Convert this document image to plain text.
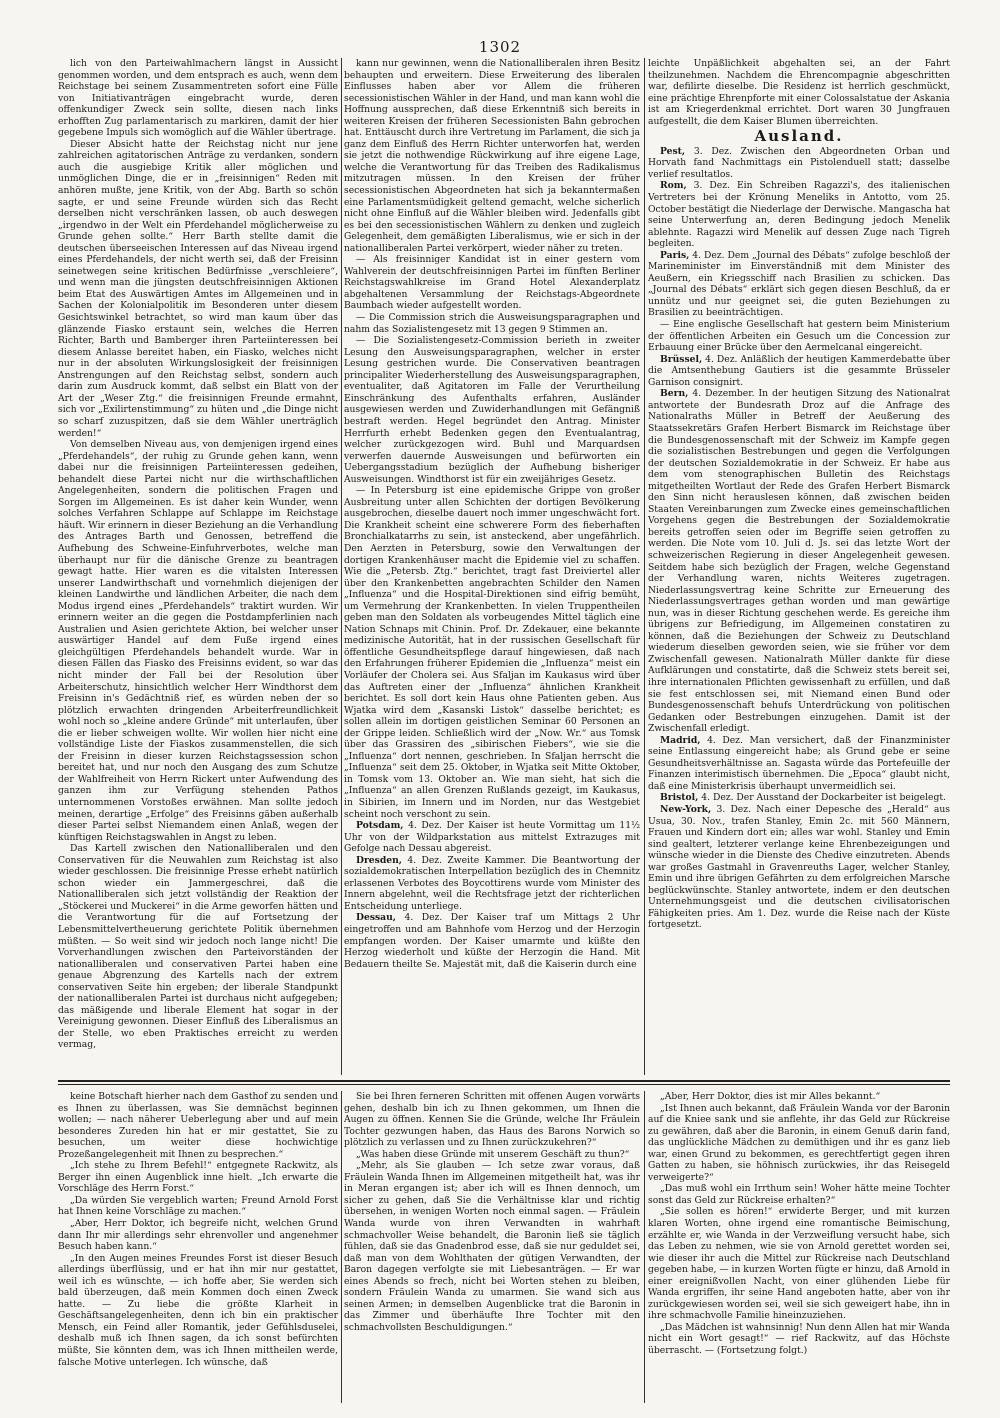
1302

lich von den Parteiwahlmachern längst in Aussicht genommen worden, und dem entsprach es auch, wenn dem Reichstage bei seinem Zusammentreten sofort eine Fülle von Initiativanträgen eingebracht wurde, deren offenkundiger Zweck sein sollte, diesen nach links erhofften Zug parlamentarisch zu markiren, damit der hier gegebene Impuls sich womöglich auf die Wähler übertrage.

Dieser Absicht hatte der Reichstag nicht nur jene zahlreichen agitatorischen Anträge zu verdanken, sondern auch die ausgiebige Kritik aller möglichen und unmöglichen Dinge, die er in „freisinnigen“ Reden mit anhören mußte, jene Kritik, von der Abg. Barth so schön sagte, er und seine Freunde würden sich das Recht derselben nicht verschränken lassen, ob auch deswegen „irgendwo in der Welt ein Pferdehandel möglicherweise zu Grunde gehen sollte.“ Herr Barth stellte damit die deutschen überseeischen Interessen auf das Niveau irgend eines Pferdehandels, der nicht werth sei, daß der Freisinn seinetwegen seine kritischen Bedürfnisse „verschleiere“, und wenn man die jüngsten deutschfreisinnigen Aktionen beim Etat des Auswärtigen Amtes im Allgemeinen und in Sachen der Kolonialpolitik im Besonderen unter diesem Gesichtswinkel betrachtet, so wird man kaum über das glänzende Fiasko erstaunt sein, welches die Herren Richter, Barth und Bamberger ihren Parteiinteressen bei diesem Anlasse bereitet haben, ein Fiasko, welches nicht nur in der absoluten Wirkungslosigkeit der freisinnigen Anstrengungen auf den Reichstag selbst, sondern auch darin zum Ausdruck kommt, daß selbst ein Blatt von der Art der „Weser Ztg.“ die freisinnigen Freunde ermahnt, sich vor „Exilirtenstimmung“ zu hüten und „die Dinge nicht so scharf zuzuspitzen, daß sie dem Wähler unerträglich werden!“

Von demselben Niveau aus, von demjenigen irgend eines „Pferdehandels“, der ruhig zu Grunde gehen kann, wenn dabei nur die freisinnigen Parteiinteressen gedeihen, behandelt diese Partei nicht nur die wirthschaftlichen Angelegenheiten, sondern die politischen Fragen und Sorgen im Allgemeinen. Es ist daher kein Wunder, wenn solches Verfahren Schlappe auf Schlappe im Reichstage häuft. Wir erinnern in dieser Beziehung an die Verhandlung des Antrages Barth und Genossen, betreffend die Aufhebung des Schweine-Einfuhrverbotes, welche man überhaupt nur für die dänische Grenze zu beantragen gewagt hatte. Hier waren es die vitalsten Interessen unserer Landwirthschaft und vornehmlich diejenigen der kleinen Landwirthe und ländlichen Arbeiter, die nach dem Modus irgend eines „Pferdehandels“ traktirt wurden. Wir erinnern weiter an die gegen die Postdampferlinien nach Australien und Asien gerichtete Aktion, bei welcher unser auswärtiger Handel auf dem Fuße irgend eines gleichgültigen Pferdehandels behandelt wurde. War in diesen Fällen das Fiasko des Freisinns evident, so war das nicht minder der Fall bei der Resolution über Arbeiterschutz, hinsichtlich welcher Herr Windthorst dem Freisinn in's Gedächtniß rief, es würden neben der so plötzlich erwachten dringenden Arbeiterfreundlichkeit wohl noch so „kleine andere Gründe“ mit unterlaufen, über die er lieber schweigen wollte. Wir wollen hier nicht eine vollständige Liste der Fiaskos zusammenstellen, die sich der Freisinn in dieser kurzen Reichstagssession schon bereitet hat, und nur noch den Ausgang des zum Schutze der Wahlfreiheit von Herrn Rickert unter Aufwendung des ganzen ihm zur Verfügung stehenden Pathos unternommenen Vorstoßes erwähnen. Man sollte jedoch meinen, derartige „Erfolge“ des Freisinns gäben außerhalb dieser Partei selbst Niemandem einen Anlaß, wegen der künftigen Reichstagswahlen in Angst zu leben.

Das Kartell zwischen den Nationalliberalen und den Conservativen für die Neuwahlen zum Reichstag ist also wieder geschlossen. Die freisinnige Presse erhebt natürlich schon wieder ein Jammergeschrei, daß die Nationalliberalen sich jetzt vollständig der Reaktion der „Stöckerei und Muckerei“ in die Arme geworfen hätten und die Verantwortung für die auf Fortsetzung der Lebensmittelvertheuerung gerichtete Politik übernehmen müßten. — So weit sind wir jedoch noch lange nicht! Die Vorverhandlungen zwischen den Parteivorständen der nationalliberalen und conservativen Partei haben eine genaue Abgrenzung des Kartells nach der extrem conservativen Seite hin ergeben; der liberale Standpunkt der nationalliberalen Partei ist durchaus nicht aufgegeben; das mäßigende und liberale Element hat sogar in der Vereinigung gewonnen. Dieser Einfluß des Liberalismus an der Stelle, wo eben Praktisches erreicht zu werden vermag,

kann nur gewinnen, wenn die Nationalliberalen ihren Besitz behaupten und erweitern. Diese Erweiterung des liberalen Einflusses haben aber vor Allem die früheren secessionistischen Wähler in der Hand, und man kann wohl die Hoffnung aussprechen, daß diese Erkenntniß sich bereits in weiteren Kreisen der früheren Secessionisten Bahn gebrochen hat. Enttäuscht durch ihre Vertretung im Parlament, die sich ja ganz dem Einfluß des Herrn Richter unterworfen hat, werden sie jetzt die nothwendige Rückwirkung auf ihre eigene Lage, welche die Verantwortung für das Treiben des Radikalismus mitzutragen müssen. In den Kreisen der früher secessionistischen Abgeordneten hat sich ja bekanntermaßen eine Parlamentsmüdigkeit geltend gemacht, welche sicherlich nicht ohne Einfluß auf die Wähler bleiben wird. Jedenfalls gibt es bei den secessionistischen Wählern zu denken und zugleich Gelegenheit, dem gemäßigten Liberalismus, wie er sich in der nationalliberalen Partei verkörpert, wieder näher zu treten.

— Als freisinniger Kandidat ist in einer gestern vom Wahlverein der deutschfreisinnigen Partei im fünften Berliner Reichstagswahlkreise im Grand Hotel Alexanderplatz abgehaltenen Versammlung der Reichstags-Abgeordnete Baumbach wieder aufgestellt worden.

— Die Commission strich die Ausweisungsparagraphen und nahm das Sozialistengesetz mit 13 gegen 9 Stimmen an.

— Die Sozialistengesetz-Commission berieth in zweiter Lesung den Ausweisungsparagraphen, welcher in erster Lesung gestrichen wurde. Die Conservativen beantragen principaliter Wiederherstellung des Ausweisungsparagraphen, eventualiter, daß Agitatoren im Falle der Verurtheilung Einschränkung des Aufenthalts erfahren, Ausländer ausgewiesen werden und Zuwiderhandlungen mit Gefängniß bestraft werden. Hegel begründet den Antrag. Minister Herrfurth erhebt Bedenken gegen den Eventualantrag, welcher zurückgezogen wird. Buhl und Marquardsen verwerfen dauernde Ausweisungen und befürworten ein Uebergangsstadium bezüglich der Aufhebung bisheriger Ausweisungen. Windthorst ist für ein zweijähriges Gesetz.

— In Petersburg ist eine epidemische Grippe von großer Ausbreitung unter allen Schichten der dortigen Bevölkerung ausgebrochen, dieselbe dauert noch immer ungeschwächt fort. Die Krankheit scheint eine schwerere Form des fieberhaften Bronchialkatarrhs zu sein, ist ansteckend, aber ungefährlich. Den Aerzten in Petersburg, sowie den Verwaltungen der dortigen Krankenhäuser macht die Epidemie viel zu schaffen. Wie die „Petersb. Ztg.“ berichtet, tragt fast Dreiviertel aller über den Krankenbetten angebrachten Schilder den Namen „Influenza“ und die Hospital-Direktionen sind eifrig bemüht, um Vermehrung der Krankenbetten. In vielen Truppentheilen geben man den Soldaten als vorbeugendes Mittel täglich eine Nation Schnaps mit Chinin. Prof. Dr. Zdekauer, eine bekannte medizinische Autorität, hat in der russischen Gesellschaft für öffentliche Gesundheitspflege darauf hingewiesen, daß nach den Erfahrungen früherer Epidemien die „Influenza“ meist ein Vorläufer der Cholera sei. Aus Sfaljan im Kaukasus wird über das Auftreten einer der „Influenza“ ähnlichen Krankheit berichtet. Es soll dort kein Haus ohne Patienten geben. Aus Wjatka wird dem „Kasanski Listok“ dasselbe berichtet; es sollen allein im dortigen geistlichen Seminar 60 Personen an der Grippe leiden. Schließlich wird der „Now. Wr.“ aus Tomsk über das Grassiren des „sibirischen Fiebers“, wie sie die „Influenza“ dort nennen, geschrieben. In Sfaljan herrscht die „Influenza“ seit dem 25. Oktober, in Wjatka seit Mitte Oktober, in Tomsk vom 13. Oktober an. Wie man sieht, hat sich die „Influenza“ an allen Grenzen Rußlands gezeigt, im Kaukasus, in Sibirien, im Innern und im Norden, nur das Westgebiet scheint noch verschont zu sein.

Potsdam, 4. Dez. Der Kaiser ist heute Vormittag um 11½ Uhr von der Wildparkstation aus mittelst Extrazuges mit Gefolge nach Dessau abgereist.

Dresden, 4. Dez. Zweite Kammer. Die Beantwortung der sozialdemokratischen Interpellation bezüglich des in Chemnitz erlassenen Verbotes des Boycottirens wurde vom Minister des Innern abgelehnt, weil die Rechtsfrage jetzt der richterlichen Entscheidung unterliege.

Dessau, 4. Dez. Der Kaiser traf um Mittags 2 Uhr eingetroffen und am Bahnhofe vom Herzog und der Herzogin empfangen worden. Der Kaiser umarmte und küßte den Herzog wiederholt und küßte der Herzogin die Hand. Mit Bedauern theilte Se. Majestät mit, daß die Kaiserin durch eine

leichte Unpäßlichkeit abgehalten sei, an der Fahrt theilzunehmen. Nachdem die Ehrencompagnie abgeschritten war, defilirte dieselbe. Die Residenz ist herrlich geschmückt, eine prächtige Ehrenpforte mit einer Colossalstatue der Askania ist am Kriegerdenkmal errichtet. Dort waren 30 Jungfrauen aufgestellt, die dem Kaiser Blumen überreichten.

Ausland.

Pest, 3. Dez. Zwischen den Abgeordneten Orban und Horvath fand Nachmittags ein Pistolenduell statt; dasselbe verlief resultatlos.

Rom, 3. Dez. Ein Schreiben Ragazzi's, des italienischen Vertreters bei der Krönung Meneliks in Antotto, vom 25. October bestätigt die Niederlage der Derwische. Mangascha hat seine Unterwerfung an, deren Bedingung jedoch Menelik ablehnte. Ragazzi wird Menelik auf dessen Zuge nach Tigreh begleiten.

Paris, 4. Dez. Dem „Journal des Débats“ zufolge beschloß der Marineminister im Einverständniß mit dem Minister des Aeußern, ein Kriegsschiff nach Brasilien zu schicken. Das „Journal des Débats“ erklärt sich gegen diesen Beschluß, da er unnütz und nur geeignet sei, die guten Beziehungen zu Brasilien zu beeinträchtigen.

— Eine englische Gesellschaft hat gestern beim Ministerium der öffentlichen Arbeiten ein Gesuch um die Concession zur Erbauung einer Brücke über den Aermelcanal eingereicht.

Brüssel, 4. Dez. Anläßlich der heutigen Kammerdebatte über die Amtsenthebung Gautiers ist die gesammte Brüsseler Garnison consignirt.

Bern, 4. Dezember. In der heutigen Sitzung des Nationalrat antwortete der Bundesrath Droz auf die Anfrage des Nationalraths Müller in Betreff der Aeußerung des Staatssekretärs Grafen Herbert Bismarck im Reichstage über die Bundesgenossenschaft mit der Schweiz im Kampfe gegen die sozialistischen Bestrebungen und gegen die Verfolgungen der deutschen Sozialdemokratie in der Schweiz. Er habe aus dem vom stenographischen Bulletin des Reichstags mitgetheilten Wortlaut der Rede des Grafen Herbert Bismarck den Sinn nicht herauslesen können, daß zwischen beiden Staaten Vereinbarungen zum Zwecke eines gemeinschaftlichen Vorgehens gegen die Bestrebungen der Sozialdemokratie bereits getroffen seien oder im Begriffe seien getroffen zu werden. Die Note vom 10. Juli d. Js. sei das letzte Wort der schweizerischen Regierung in dieser Angelegenheit gewesen. Seitdem habe sich bezüglich der Fragen, welche Gegenstand der Verhandlung waren, nichts Weiteres zugetragen. Niederlassungsvertrag keine Schritte zur Erneuerung des Niederlassungsvertrages gethan worden und man gewärtige nun, was in dieser Richtung geschehen werde. Es gereiche ihm übrigens zur Befriedigung, im Allgemeinen constatiren zu können, daß die Beziehungen der Schweiz zu Deutschland wiederum dieselben geworden seien, wie sie früher vor dem Zwischenfall gewesen. Nationalrath Müller dankte für diese Aufklärungen und constatirte, daß die Schweiz stets bereit sei, ihre internationalen Pflichten gewissenhaft zu erfüllen, und daß sie fest entschlossen sei, mit Niemand einen Bund oder Bundesgenossenschaft behufs Unterdrückung von politischen Gedanken oder Bestrebungen einzugehen. Damit ist der Zwischenfall erledigt.

Madrid, 4. Dez. Man versichert, daß der Finanzminister seine Entlassung eingereicht habe; als Grund gebe er seine Gesundheitsverhältnisse an. Sagasta würde das Portefeuille der Finanzen interimistisch übernehmen. Die „Epoca“ glaubt nicht, daß eine Ministerkrisis überhaupt unvermeidlich sei.

Bristol, 4. Dez. Der Ausstand der Dockarbeiter ist beigelegt.

New-York, 3. Dez. Nach einer Depesche des „Herald“ aus Usua, 30. Nov., trafen Stanley, Emin 2c. mit 560 Männern, Frauen und Kindern dort ein; alles war wohl. Stanley und Emin sind gealtert, letzterer verlange keine Ehrenbezeigungen und wünsche wieder in die Dienste des Chedive einzutreten. Abends war großes Gastmahl in Gravenreuths Lager, welcher Stanley, Emin und ihre übrigen Gefährten zu dem erfolgreichen Marsche beglückwünschte. Stanley antwortete, indem er den deutschen Unternehmungsgeist und die deutschen civilisatorischen Fähigkeiten pries. Am 1. Dez. wurde die Reise nach der Küste fortgesetzt.

keine Botschaft hierher nach dem Gasthof zu senden und es Ihnen zu überlassen, was Sie demnächst beginnen wollen; — nach näherer Ueberlegung aber und auf mein besonderes Zureden hin hat er mir gestattet, Sie zu besuchen, um weiter diese hochwichtige Prozeßangelegenheit mit Ihnen zu besprechen.“

„Ich stehe zu Ihrem Befehl!“ entgegnete Rackwitz, als Berger ihn einen Augenblick inne hielt. „Ich erwarte die Vorschläge des Herrn Forst.“

„Da würden Sie vergeblich warten; Freund Arnold Forst hat Ihnen keine Vorschläge zu machen.“

„Aber, Herr Doktor, ich begreife nicht, welchen Grund dann Ihr mir allerdings sehr ehrenvoller und angenehmer Besuch haben kann.“

„In den Augen meines Freundes Forst ist dieser Besuch allerdings überflüssig, und er hat ihn mir nur gestattet, weil ich es wünschte, — ich hoffe aber, Sie werden sich bald überzeugen, daß mein Kommen doch einen Zweck hatte. — Zu liebe die größte Klarheit in Geschäftsangelegenheiten, denn ich bin ein praktischer Mensch, ein Feind aller Romantik, jeder Gefühlsduselei, deshalb muß ich Ihnen sagen, da ich sonst befürchten müßte, Sie könnten dem, was ich Ihnen mittheilen werde, falsche Motive unterlegen. Ich wünsche, daß

Sie bei Ihren ferneren Schritten mit offenen Augen vorwärts gehen, deshalb bin ich zu Ihnen gekommen, um Ihnen die Augen zu öffnen. Kennen Sie die Gründe, welche Ihr Fräulein Tochter gezwungen haben, das Haus des Barons Norwich so plötzlich zu verlassen und zu Ihnen zurückzukehren?“

„Was haben diese Gründe mit unserem Geschäft zu thun?“

„Mehr, als Sie glauben — Ich setze zwar voraus, daß Fräulein Wanda Ihnen im Allgemeinen mitgetheilt hat, was ihr in Meran ergangen ist; aber ich will es Ihnen dennoch, um sicher zu gehen, daß Sie die Verhältnisse klar und richtig übersehen, in wenigen Worten noch einmal sagen. — Fräulein Wanda wurde von ihren Verwandten in wahrhaft schmachvoller Weise behandelt, die Baronin ließ sie täglich fühlen, daß sie das Gnadenbrod esse, daß sie nur geduldet sei, daß man von dem Wohlthaten der gütigen Verwandten, der Baron dagegen verfolgte sie mit Liebesanträgen. — Er war eines Abends so frech, nicht bei Worten stehen zu bleiben, sondern Fräulein Wanda zu umarmen. Sie wand sich aus seinen Armen; in demselben Augenblicke trat die Baronin in das Zimmer und überhäufte Ihre Tochter mit den schmachvollsten Beschuldigungen.“

„Aber, Herr Doktor, dies ist mir Alles bekannt.“

„Ist Ihnen auch bekannt, daß Fräulein Wanda vor der Baronin auf die Kniee sank und sie anflehte, ihr das Geld zur Rückreise zu gewähren, daß aber die Baronin, in einem Genuß darin fand, das unglückliche Mädchen zu demüthigen und ihr es ganz lieb war, einen Grund zu bekommen, es gerechtfertigt gegen ihren Gatten zu haben, sie höhnisch zurückwies, ihr das Reisegeld verweigerte?“

„Das muß wohl ein Irrthum sein! Woher hätte meine Tochter sonst das Geld zur Rückreise erhalten?“

„Sie sollen es hören!“ erwiderte Berger, und mit kurzen klaren Worten, ohne irgend eine romantische Beimischung, erzählte er, wie Wanda in der Verzweiflung versucht habe, sich das Leben zu nehmen, wie sie von Arnold gerettet worden sei, wie dieser ihr auch die Mittel zur Rückreise nach Deutschland gegeben habe, — in kurzen Worten fügte er hinzu, daß Arnold in einer ereignißvollen Nacht, von einer glühenden Liebe für Wanda ergriffen, ihr seine Hand angeboten hatte, aber von ihr zurückgewiesen worden sei, weil sie sich geweigert habe, ihn in ihre schmachvolle Familie hineinzuziehen.

„Das Mädchen ist wahnsinnig! Nun denn Allen hat mir Wanda nicht ein Wort gesagt!“ — rief Rackwitz, auf das Höchste überrascht. — (Fortsetzung folgt.)
